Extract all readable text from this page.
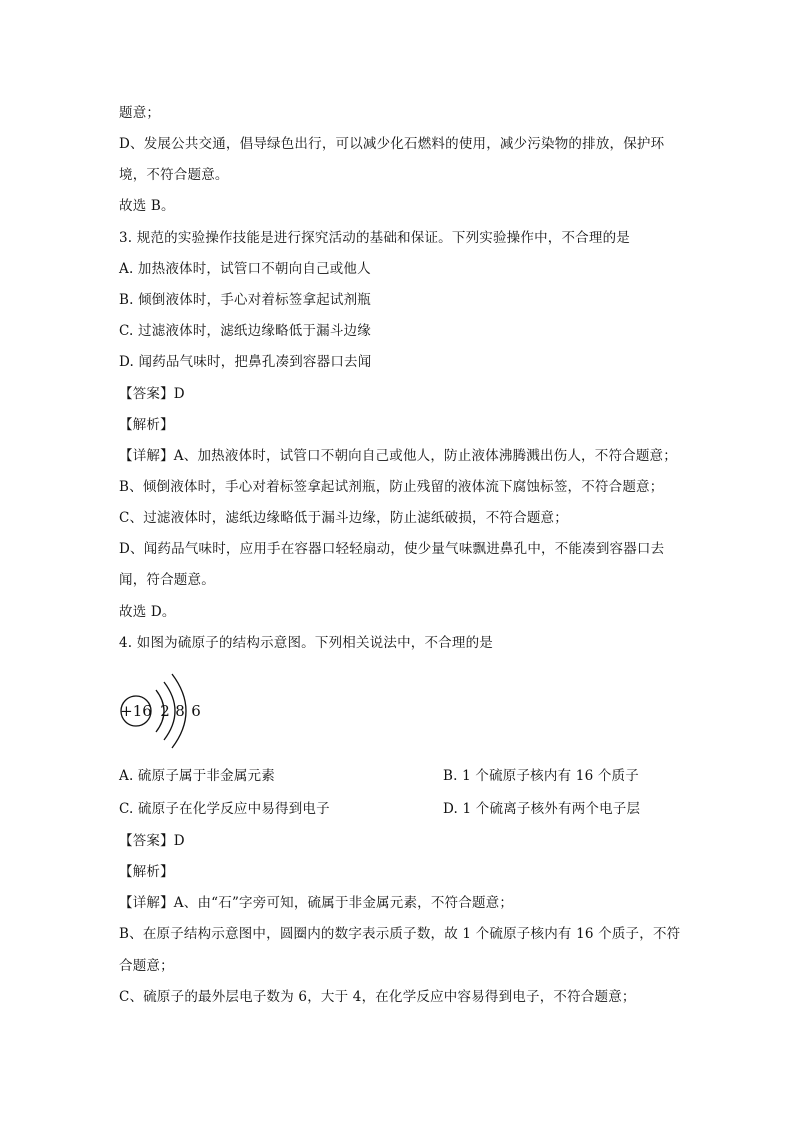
题意；
D、发展公共交通，倡导绿色出行，可以减少化石燃料的使用，减少污染物的排放，保护环
境，不符合题意。
故选 B。
3. 规范的实验操作技能是进行探究活动的基础和保证。下列实验操作中，不合理的是
A. 加热液体时，试管口不朝向自己或他人
B. 倾倒液体时，手心对着标签拿起试剂瓶
C. 过滤液体时，滤纸边缘略低于漏斗边缘
D. 闻药品气味时，把鼻孔凑到容器口去闻
【答案】D
【解析】
【详解】A、加热液体时，试管口不朝向自己或他人，防止液体沸腾溅出伤人，不符合题意；
B、倾倒液体时，手心对着标签拿起试剂瓶，防止残留的液体流下腐蚀标签，不符合题意；
C、过滤液体时，滤纸边缘略低于漏斗边缘，防止滤纸破损，不符合题意；
D、闻药品气味时，应用手在容器口轻轻扇动，使少量气味飘进鼻孔中，不能凑到容器口去
闻，符合题意。
故选 D。
4. 如图为硫原子的结构示意图。下列相关说法中，不合理的是
+16 2 8 6
A. 硫原子属于非金属元素	B. 1 个硫原子核内有 16 个质子
C. 硫原子在化学反应中易得到电子	D. 1 个硫离子核外有两个电子层
【答案】D
【解析】
【详解】A、由“石”字旁可知，硫属于非金属元素，不符合题意；
B、在原子结构示意图中，圆圈内的数字表示质子数，故 1 个硫原子核内有 16 个质子，不符
合题意；
C、硫原子的最外层电子数为 6，大于 4，在化学反应中容易得到电子，不符合题意；
